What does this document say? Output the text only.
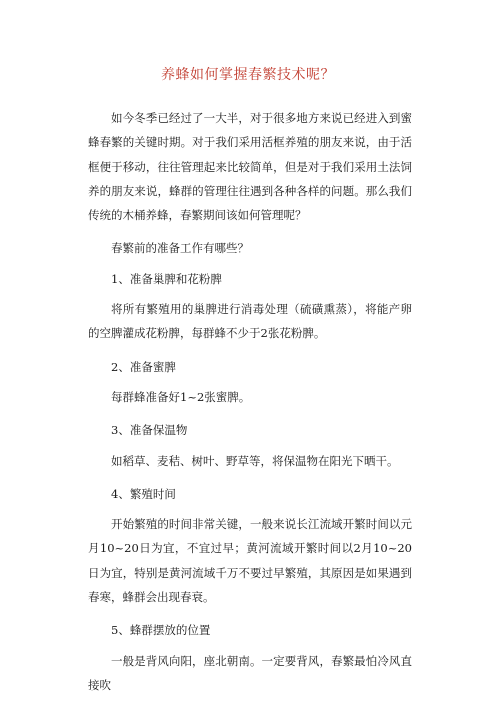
养蜂如何掌握春繁技术呢？

如今冬季已经过了一大半，对于很多地方来说已经进入到蜜蜂春繁的关键时期。对于我们采用活框养殖的朋友来说，由于活框便于移动，往往管理起来比较简单，但是对于我们采用土法饲养的朋友来说，蜂群的管理往往遇到各种各样的问题。那么我们传统的木桶养蜂，春繁期间该如何管理呢？

春繁前的准备工作有哪些？

1、准备巢脾和花粉脾

将所有繁殖用的巢脾进行消毒处理（硫磺熏蒸），将能产卵的空脾灌成花粉脾，每群蜂不少于2张花粉脾。

2、准备蜜脾

每群蜂准备好1~2张蜜脾。

3、准备保温物

如稻草、麦秸、树叶、野草等，将保温物在阳光下晒干。

4、繁殖时间

开始繁殖的时间非常关键，一般来说长江流域开繁时间以元月10~20日为宜，不宜过早；黄河流域开繁时间以2月10~20日为宜，特别是黄河流域千万不要过早繁殖，其原因是如果遇到春寒，蜂群会出现春衰。

5、蜂群摆放的位置

一般是背风向阳，座北朝南。一定要背风，春繁最怕冷风直接吹
